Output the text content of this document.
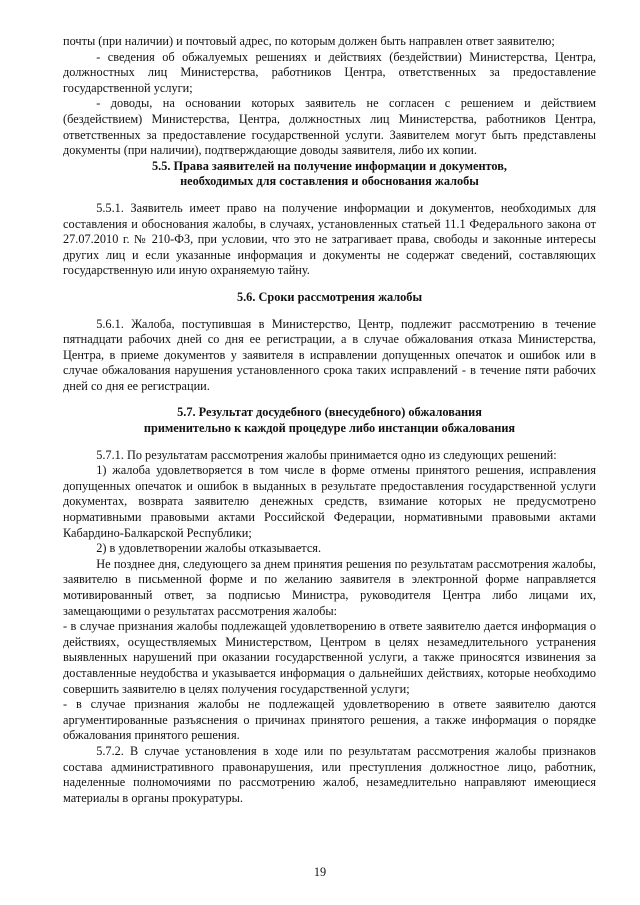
почты (при наличии) и почтовый адрес, по которым должен быть направлен ответ заявителю;

- сведения об обжалуемых решениях и действиях (бездействии) Министерства, Центра, должностных лиц Министерства, работников Центра, ответственных за предоставление государственной услуги;

- доводы, на основании которых заявитель не согласен с решением и действием (бездействием) Министерства, Центра, должностных лиц Министерства, работников Центра, ответственных за предоставление государственной услуги. Заявителем могут быть представлены документы (при наличии), подтверждающие доводы заявителя, либо их копии.

5.5. Права заявителей на получение информации и документов,
необходимых для составления и обоснования жалобы

5.5.1. Заявитель имеет право на получение информации и документов, необходимых для составления и обоснования жалобы, в случаях, установленных статьей 11.1 Федерального закона от 27.07.2010 г. № 210-ФЗ, при условии, что это не затрагивает права, свободы и законные интересы других лиц и если указанные информация и документы не содержат сведений, составляющих государственную или иную охраняемую тайну.

5.6. Сроки рассмотрения жалобы

5.6.1. Жалоба, поступившая в Министерство, Центр, подлежит рассмотрению в течение пятнадцати рабочих дней со дня ее регистрации, а в случае обжалования отказа Министерства, Центра, в приеме документов у заявителя в исправлении допущенных опечаток и ошибок или в случае обжалования нарушения установленного срока таких исправлений - в течение пяти рабочих дней со дня ее регистрации.

5.7. Результат досудебного (внесудебного) обжалования
применительно к каждой процедуре либо инстанции обжалования

5.7.1. По результатам рассмотрения жалобы принимается одно из следующих решений:

1) жалоба удовлетворяется в том числе в форме отмены принятого решения, исправления допущенных опечаток и ошибок в выданных в результате предоставления государственной услуги документах, возврата заявителю денежных средств, взимание которых не предусмотрено нормативными правовыми актами Российской Федерации, нормативными правовыми актами Кабардино-Балкарской Республики;

2) в удовлетворении жалобы отказывается.

Не позднее дня, следующего за днем принятия решения по результатам рассмотрения жалобы, заявителю в письменной форме и по желанию заявителя в электронной форме направляется мотивированный ответ, за подписью Министра, руководителя Центра либо лицами их, замещающими о результатах рассмотрения жалобы:

- в случае признания жалобы подлежащей удовлетворению в ответе заявителю дается информация о действиях, осуществляемых Министерством, Центром в целях незамедлительного устранения выявленных нарушений при оказании государственной услуги, а также приносятся извинения за доставленные неудобства и указывается информация о дальнейших действиях, которые необходимо совершить заявителю в целях получения государственной услуги;

- в случае признания жалобы не подлежащей удовлетворению в ответе заявителю даются аргументированные разъяснения о причинах принятого решения, а также информация о порядке обжалования принятого решения.

5.7.2. В случае установления в ходе или по результатам рассмотрения жалобы признаков состава административного правонарушения, или преступления должностное лицо, работник, наделенные полномочиями по рассмотрению жалоб, незамедлительно направляют имеющиеся материалы в органы прокуратуры.

19
